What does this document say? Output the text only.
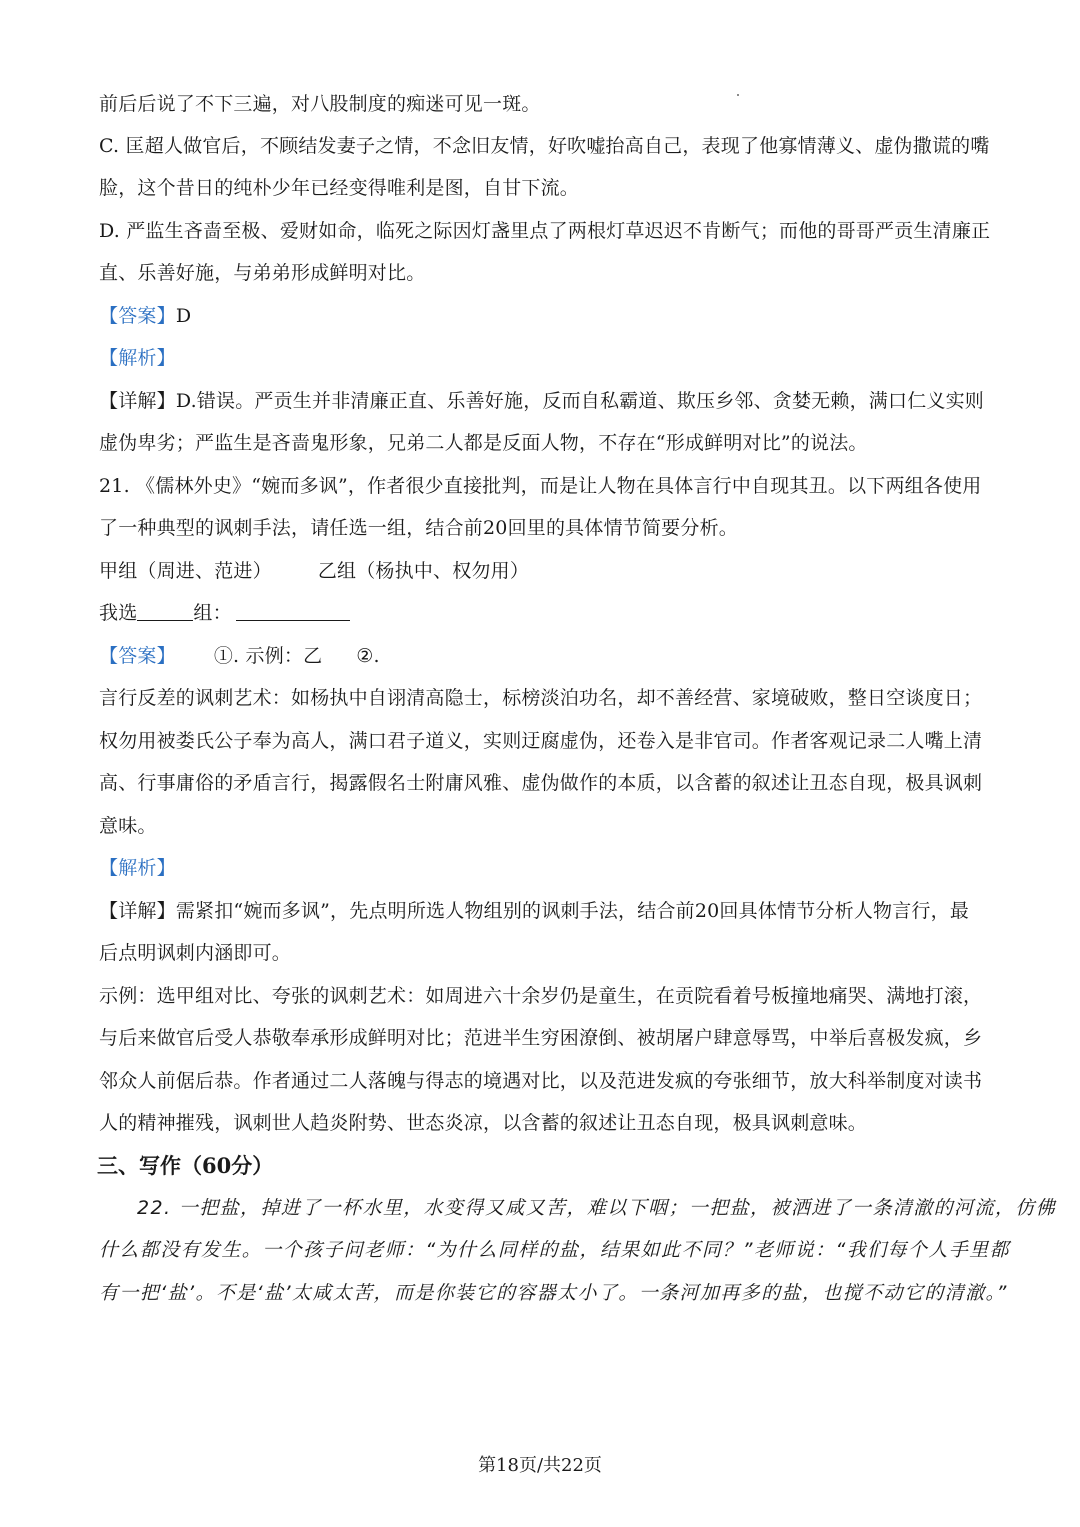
前后后说了不下三遍，对八股制度的痴迷可见一斑。
C. 匡超人做官后，不顾结发妻子之情，不念旧友情，好吹嘘抬高自己，表现了他寡情薄义、虚伪撒谎的嘴
脸，这个昔日的纯朴少年已经变得唯利是图，自甘下流。
D. 严监生吝啬至极、爱财如命，临死之际因灯盏里点了两根灯草迟迟不肯断气；而他的哥哥严贡生清廉正
直、乐善好施，与弟弟形成鲜明对比。
【答案】D
【解析】
【详解】D.错误。严贡生并非清廉正直、乐善好施，反而自私霸道、欺压乡邻、贪婪无赖，满口仁义实则
虚伪卑劣；严监生是吝啬鬼形象，兄弟二人都是反面人物，不存在“形成鲜明对比”的说法。
21. 《儒林外史》“婉而多讽”，作者很少直接批判，而是让人物在具体言行中自现其丑。以下两组各使用
了一种典型的讽刺手法，请任选一组，结合前20回里的具体情节简要分析。
甲组（周进、范进） 乙组（杨执中、权勿用）
我选	组：
【答案】 ①. 示例：乙 ②.
言行反差的讽刺艺术：如杨执中自诩清高隐士，标榜淡泊功名，却不善经营、家境破败，整日空谈度日；
权勿用被娄氏公子奉为高人，满口君子道义，实则迂腐虚伪，还卷入是非官司。作者客观记录二人嘴上清
高、行事庸俗的矛盾言行，揭露假名士附庸风雅、虚伪做作的本质，以含蓄的叙述让丑态自现，极具讽刺
意味。
【解析】
【详解】需紧扣“婉而多讽”，先点明所选人物组别的讽刺手法，结合前20回具体情节分析人物言行，最
后点明讽刺内涵即可。
示例：选甲组对比、夸张的讽刺艺术：如周进六十余岁仍是童生，在贡院看着号板撞地痛哭、满地打滚，
与后来做官后受人恭敬奉承形成鲜明对比；范进半生穷困潦倒、被胡屠户肆意辱骂，中举后喜极发疯，乡
邻众人前倨后恭。作者通过二人落魄与得志的境遇对比，以及范进发疯的夸张细节，放大科举制度对读书
人的精神摧残，讽刺世人趋炎附势、世态炎凉，以含蓄的叙述让丑态自现，极具讽刺意味。
三、写作（60分）
22. 一把盐，掉进了一杯水里，水变得又咸又苦，难以下咽；一把盐，被洒进了一条清澈的河流，仿佛
什么都没有发生。一个孩子问老师：“为什么同样的盐，结果如此不同？”老师说：“我们每个人手里都
有一把‘盐’。不是‘盐’太咸太苦，而是你装它的容器太小了。一条河加再多的盐，也搅不动它的清澈。”
第18页/共22页
